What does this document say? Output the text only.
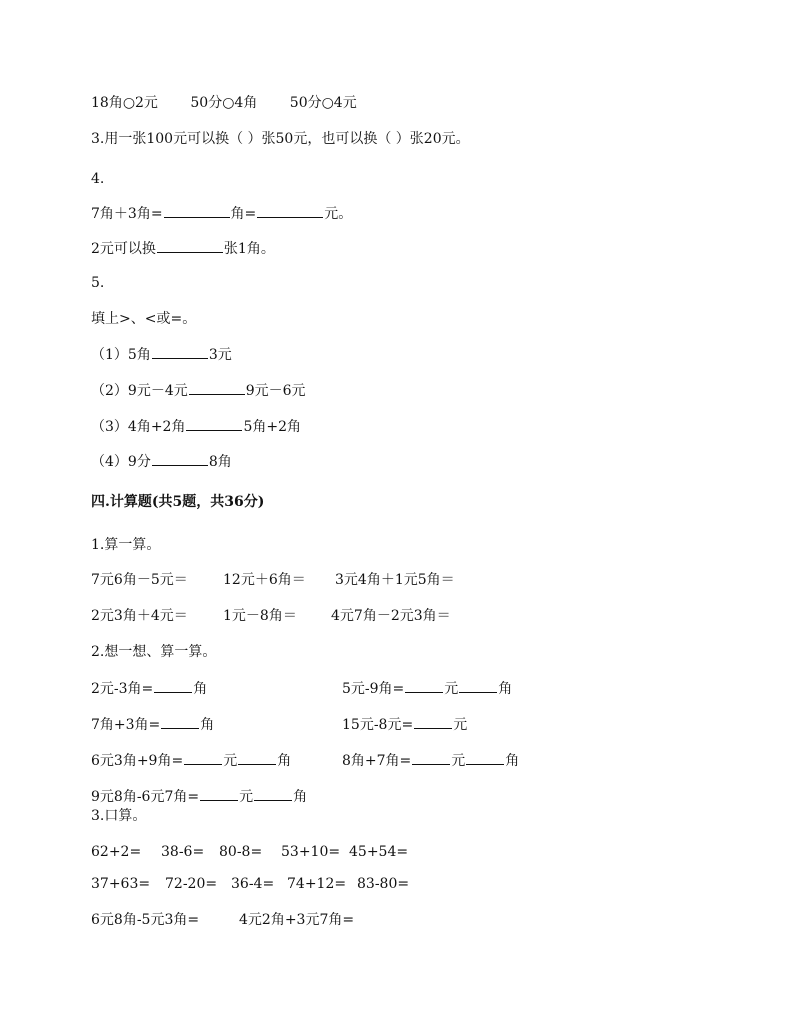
18角○2元 50分○4角 50分○4元
3.用一张100元可以换（ ）张50元，也可以换（ ）张20元。
4.
7角＋3角=	角=	元。
2元可以换	张1角。
5.
填上>、<或=。
（1）5角	3元
（2）9元－4元	9元－6元
（3）4角+2角	5角+2角
（4）9分	8角
四.计算题(共5题，共36分)
1.算一算。
7元6角－5元＝	12元＋6角＝ 3元4角＋1元5角＝
2元3角＋4元＝	1元－8角＝ 4元7角－2元3角＝
2.想一想、算一算。
2元-3角=	角	5元-9角=	元	角
7角+3角=	角	15元-8元=	元
6元3角+9角=	元	角	8角+7角=	元	角
9元8角-6元7角=	元	角
3.口算。
62+2= 38-6= 80-8= 53+10= 45+54=
37+63= 72-20= 36-4= 74+12= 83-80=
6元8角-5元3角=	4元2角+3元7角=
